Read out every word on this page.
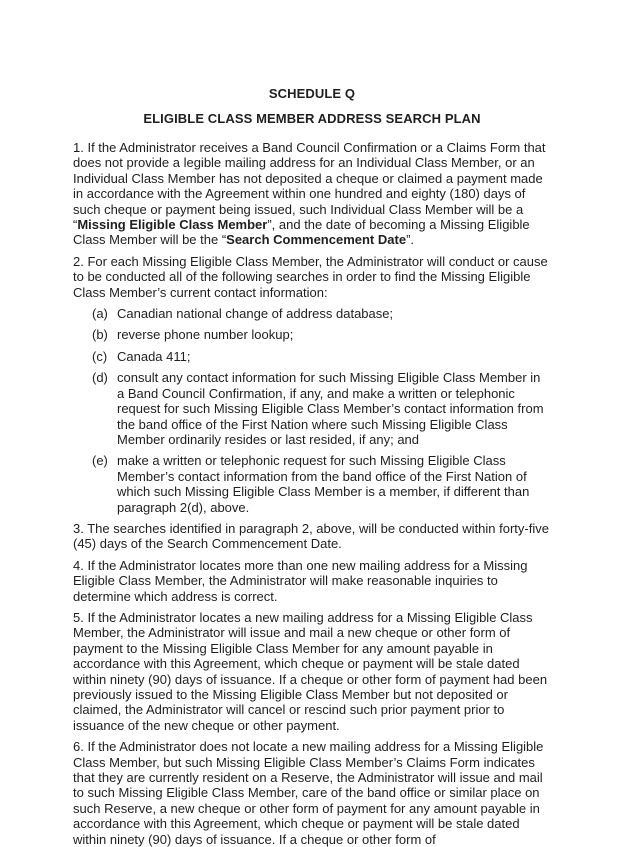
SCHEDULE Q
ELIGIBLE CLASS MEMBER ADDRESS SEARCH PLAN

1. If the Administrator receives a Band Council Confirmation or a Claims Form that does not provide a legible mailing address for an Individual Class Member, or an Individual Class Member has not deposited a cheque or claimed a payment made in accordance with the Agreement within one hundred and eighty (180) days of such cheque or payment being issued, such Individual Class Member will be a “Missing Eligible Class Member”, and the date of becoming a Missing Eligible Class Member will be the “Search Commencement Date”.

2. For each Missing Eligible Class Member, the Administrator will conduct or cause to be conducted all of the following searches in order to find the Missing Eligible Class Member’s current contact information:

(a) Canadian national change of address database;
(b) reverse phone number lookup;
(c) Canada 411;
(d) consult any contact information for such Missing Eligible Class Member in a Band Council Confirmation, if any, and make a written or telephonic request for such Missing Eligible Class Member’s contact information from the band office of the First Nation where such Missing Eligible Class Member ordinarily resides or last resided, if any; and
(e) make a written or telephonic request for such Missing Eligible Class Member’s contact information from the band office of the First Nation of which such Missing Eligible Class Member is a member, if different than paragraph 2(d), above.

3. The searches identified in paragraph 2, above, will be conducted within forty-five (45) days of the Search Commencement Date.

4. If the Administrator locates more than one new mailing address for a Missing Eligible Class Member, the Administrator will make reasonable inquiries to determine which address is correct.

5. If the Administrator locates a new mailing address for a Missing Eligible Class Member, the Administrator will issue and mail a new cheque or other form of payment to the Missing Eligible Class Member for any amount payable in accordance with this Agreement, which cheque or payment will be stale dated within ninety (90) days of issuance. If a cheque or other form of payment had been previously issued to the Missing Eligible Class Member but not deposited or claimed, the Administrator will cancel or rescind such prior payment prior to issuance of the new cheque or other payment.

6. If the Administrator does not locate a new mailing address for a Missing Eligible Class Member, but such Missing Eligible Class Member’s Claims Form indicates that they are currently resident on a Reserve, the Administrator will issue and mail to such Missing Eligible Class Member, care of the band office or similar place on such Reserve, a new cheque or other form of payment for any amount payable in accordance with this Agreement, which cheque or payment will be stale dated within ninety (90) days of issuance. If a cheque or other form of
